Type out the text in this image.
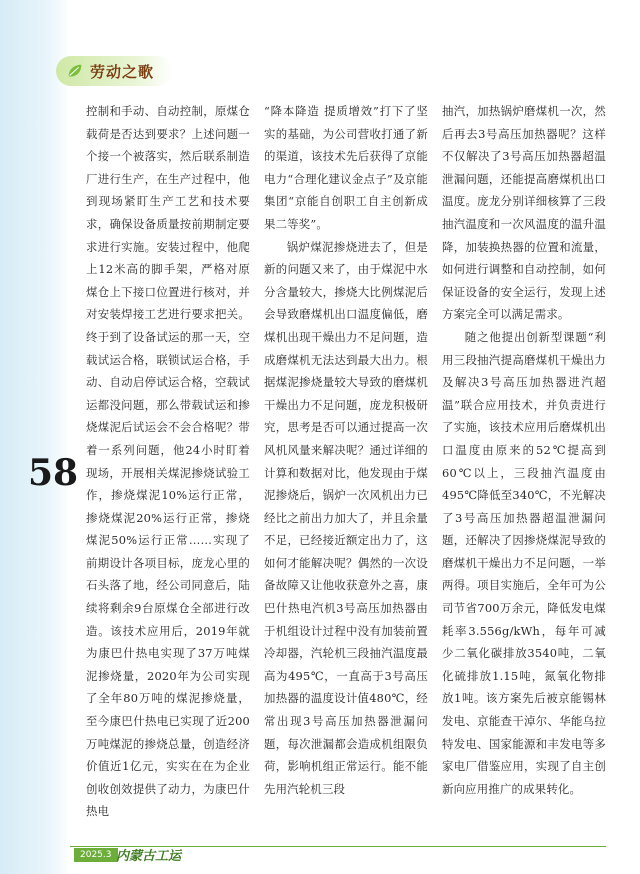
劳动之歌
58

控制和手动、自动控制，原煤仓载荷是否达到要求？上述问题一个接一个被落实，然后联系制造厂进行生产，在生产过程中，他到现场紧盯生产工艺和技术要求，确保设备质量按前期制定要求进行实施。安装过程中，他爬上12米高的脚手架，严格对原煤仓上下接口位置进行核对，并对安装焊接工艺进行要求把关。终于到了设备试运的那一天，空载试运合格，联锁试运合格，手动、自动启停试运合格，空载试运都没问题，那么带载试运和掺烧煤泥后试运会不会合格呢？带着一系列问题，他24小时盯着现场，开展相关煤泥掺烧试验工作，掺烧煤泥10%运行正常，掺烧煤泥20%运行正常，掺烧煤泥50%运行正常……实现了前期设计各项目标，庞龙心里的石头落了地，经公司同意后，陆续将剩余9台原煤仓全部进行改造。该技术应用后，2019年就为康巴什热电实现了37万吨煤泥掺烧量，2020年为公司实现了全年80万吨的煤泥掺烧量，至今康巴什热电已实现了近200万吨煤泥的掺烧总量，创造经济价值近1亿元，实实在在为企业创收创效提供了动力，为康巴什热电

“降本降造 提质增效”打下了坚实的基础，为公司营收打通了新的渠道，该技术先后获得了京能电力“合理化建议金点子”及京能集团“京能自创职工自主创新成果二等奖”。

锅炉煤泥掺烧进去了，但是新的问题又来了，由于煤泥中水分含量较大，掺烧大比例煤泥后会导致磨煤机出口温度偏低，磨煤机出现干燥出力不足问题，造成磨煤机无法达到最大出力。根据煤泥掺烧量较大导致的磨煤机干燥出力不足问题，庞龙积极研究，思考是否可以通过提高一次风机风量来解决呢？通过详细的计算和数据对比，他发现由于煤泥掺烧后，锅炉一次风机出力已经比之前出力加大了，并且余量不足，已经接近额定出力了，这如何才能解决呢？偶然的一次设备故障又让他收获意外之喜，康巴什热电汽机3号高压加热器由于机组设计过程中没有加装前置冷却器，汽轮机三段抽汽温度最高为495℃，一直高于3号高压加热器的温度设计值480℃，经常出现3号高压加热器泄漏问题，每次泄漏都会造成机组限负荷，影响机组正常运行。能不能先用汽轮机三段

抽汽，加热锅炉磨煤机一次，然后再去3号高压加热器呢？这样不仅解决了3号高压加热器超温泄漏问题，还能提高磨煤机出口温度。庞龙分别详细核算了三段抽汽温度和一次风温度的温升温降，加装换热器的位置和流量，如何进行调整和自动控制，如何保证设备的安全运行，发现上述方案完全可以满足需求。

随之他提出创新型课题“利用三段抽汽提高磨煤机干燥出力及解决3号高压加热器进汽超温”联合应用技术，并负责进行了实施，该技术应用后磨煤机出口温度由原来的52℃提高到60℃以上，三段抽汽温度由495℃降低至340℃，不光解决了3号高压加热器超温泄漏问题，还解决了因掺烧煤泥导致的磨煤机干燥出力不足问题，一举两得。项目实施后，全年可为公司节省700万余元，降低发电煤耗率3.556g/kWh，每年可减少二氧化碳排放3540吨，二氧化硫排放1.15吨，氮氧化物排放1吨。该方案先后被京能锡林发电、京能查干淖尔、华能乌拉特发电、国家能源和丰发电等多家电厂借鉴应用，实现了自主创新向应用推广的成果转化。

2025.3 内蒙古工运
